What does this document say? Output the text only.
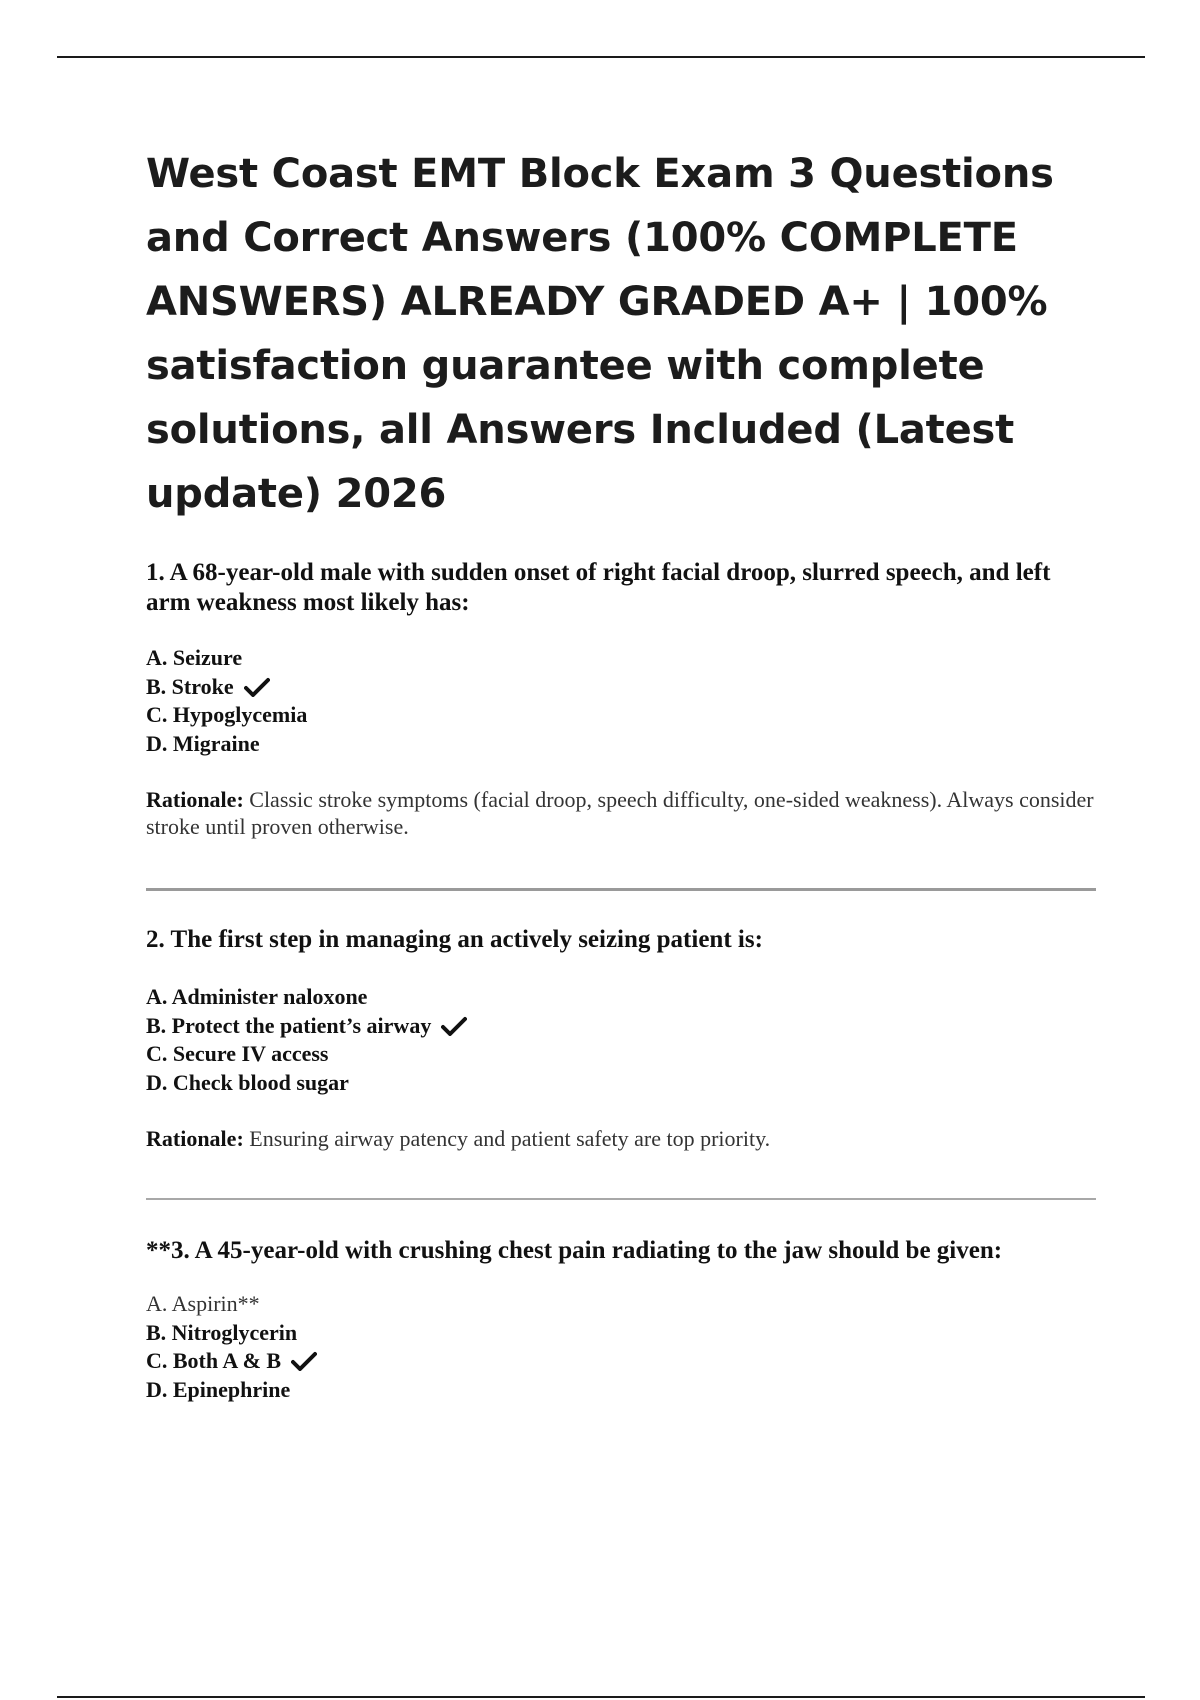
West Coast EMT Block Exam 3 Questions and Correct Answers (100% COMPLETE ANSWERS) ALREADY GRADED A+ | 100% satisfaction guarantee with complete solutions, all Answers Included (Latest update) 2026

1. A 68-year-old male with sudden onset of right facial droop, slurred speech, and left arm weakness most likely has:

A. Seizure
B. Stroke
C. Hypoglycemia
D. Migraine

Rationale: Classic stroke symptoms (facial droop, speech difficulty, one-sided weakness). Always consider stroke until proven otherwise.

2. The first step in managing an actively seizing patient is:

A. Administer naloxone
B. Protect the patient’s airway
C. Secure IV access
D. Check blood sugar

Rationale: Ensuring airway patency and patient safety are top priority.

**3. A 45-year-old with crushing chest pain radiating to the jaw should be given:

A. Aspirin**
B. Nitroglycerin
C. Both A & B
D. Epinephrine
